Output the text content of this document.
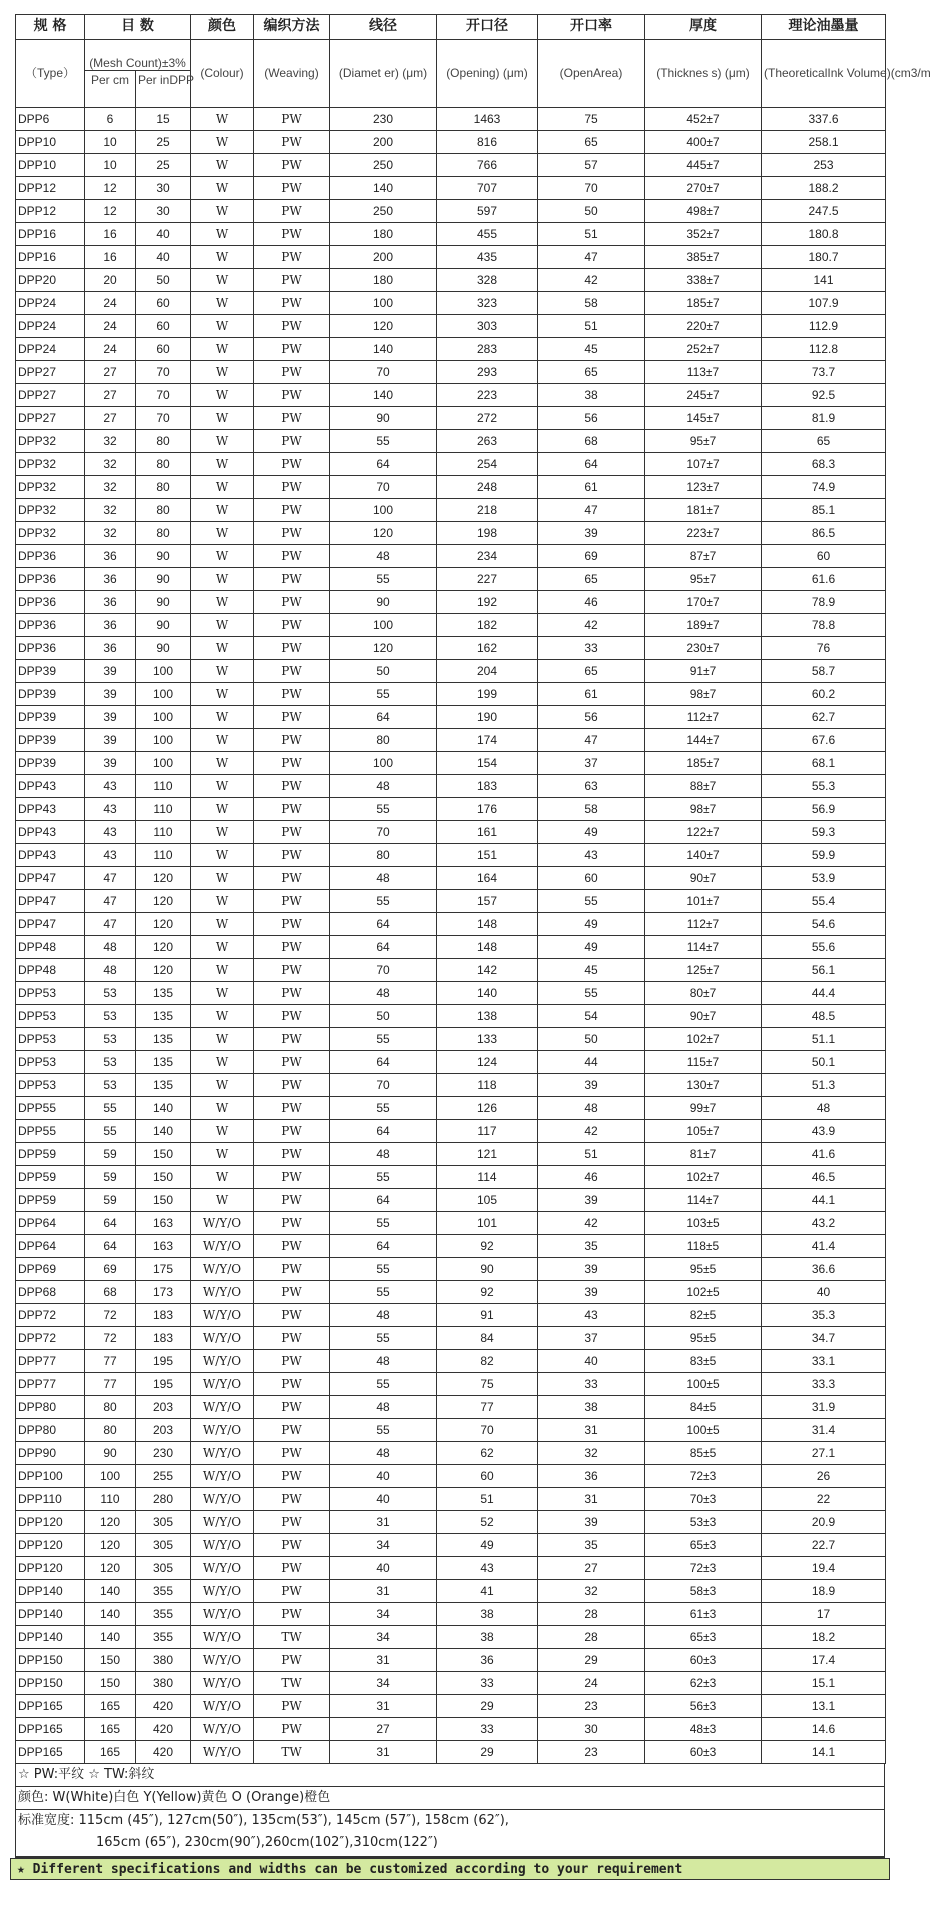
规 格	目 数		颜色	编织方法	线径	开口径	开口率	厚度	理论油墨量
（Type）	(Mesh Count)±3%		(Colour)	(Weaving)	(Diamet er) (μm)	(Opening) (μm)	(OpenArea)	(Thicknes s) (μm)	(TheoreticalInk Volume)(cm3/m
	Per cm	Per inDPP							
DPP6	6	15	W	PW	230	1463	75	452±7	337.6
DPP10	10	25	W	PW	200	816	65	400±7	258.1
DPP10	10	25	W	PW	250	766	57	445±7	253
DPP12	12	30	W	PW	140	707	70	270±7	188.2
DPP12	12	30	W	PW	250	597	50	498±7	247.5
DPP16	16	40	W	PW	180	455	51	352±7	180.8
DPP16	16	40	W	PW	200	435	47	385±7	180.7
DPP20	20	50	W	PW	180	328	42	338±7	141
DPP24	24	60	W	PW	100	323	58	185±7	107.9
DPP24	24	60	W	PW	120	303	51	220±7	112.9
DPP24	24	60	W	PW	140	283	45	252±7	112.8
DPP27	27	70	W	PW	70	293	65	113±7	73.7
DPP27	27	70	W	PW	140	223	38	245±7	92.5
DPP27	27	70	W	PW	90	272	56	145±7	81.9
DPP32	32	80	W	PW	55	263	68	95±7	65
DPP32	32	80	W	PW	64	254	64	107±7	68.3
DPP32	32	80	W	PW	70	248	61	123±7	74.9
DPP32	32	80	W	PW	100	218	47	181±7	85.1
DPP32	32	80	W	PW	120	198	39	223±7	86.5
DPP36	36	90	W	PW	48	234	69	87±7	60
DPP36	36	90	W	PW	55	227	65	95±7	61.6
DPP36	36	90	W	PW	90	192	46	170±7	78.9
DPP36	36	90	W	PW	100	182	42	189±7	78.8
DPP36	36	90	W	PW	120	162	33	230±7	76
DPP39	39	100	W	PW	50	204	65	91±7	58.7
DPP39	39	100	W	PW	55	199	61	98±7	60.2
DPP39	39	100	W	PW	64	190	56	112±7	62.7
DPP39	39	100	W	PW	80	174	47	144±7	67.6
DPP39	39	100	W	PW	100	154	37	185±7	68.1
DPP43	43	110	W	PW	48	183	63	88±7	55.3
DPP43	43	110	W	PW	55	176	58	98±7	56.9
DPP43	43	110	W	PW	70	161	49	122±7	59.3
DPP43	43	110	W	PW	80	151	43	140±7	59.9
DPP47	47	120	W	PW	48	164	60	90±7	53.9
DPP47	47	120	W	PW	55	157	55	101±7	55.4
DPP47	47	120	W	PW	64	148	49	112±7	54.6
DPP48	48	120	W	PW	64	148	49	114±7	55.6
DPP48	48	120	W	PW	70	142	45	125±7	56.1
DPP53	53	135	W	PW	48	140	55	80±7	44.4
DPP53	53	135	W	PW	50	138	54	90±7	48.5
DPP53	53	135	W	PW	55	133	50	102±7	51.1
DPP53	53	135	W	PW	64	124	44	115±7	50.1
DPP53	53	135	W	PW	70	118	39	130±7	51.3
DPP55	55	140	W	PW	55	126	48	99±7	48
DPP55	55	140	W	PW	64	117	42	105±7	43.9
DPP59	59	150	W	PW	48	121	51	81±7	41.6
DPP59	59	150	W	PW	55	114	46	102±7	46.5
DPP59	59	150	W	PW	64	105	39	114±7	44.1
DPP64	64	163	W/Y/O	PW	55	101	42	103±5	43.2
DPP64	64	163	W/Y/O	PW	64	92	35	118±5	41.4
DPP69	69	175	W/Y/O	PW	55	90	39	95±5	36.6
DPP68	68	173	W/Y/O	PW	55	92	39	102±5	40
DPP72	72	183	W/Y/O	PW	48	91	43	82±5	35.3
DPP72	72	183	W/Y/O	PW	55	84	37	95±5	34.7
DPP77	77	195	W/Y/O	PW	48	82	40	83±5	33.1
DPP77	77	195	W/Y/O	PW	55	75	33	100±5	33.3
DPP80	80	203	W/Y/O	PW	48	77	38	84±5	31.9
DPP80	80	203	W/Y/O	PW	55	70	31	100±5	31.4
DPP90	90	230	W/Y/O	PW	48	62	32	85±5	27.1
DPP100	100	255	W/Y/O	PW	40	60	36	72±3	26
DPP110	110	280	W/Y/O	PW	40	51	31	70±3	22
DPP120	120	305	W/Y/O	PW	31	52	39	53±3	20.9
DPP120	120	305	W/Y/O	PW	34	49	35	65±3	22.7
DPP120	120	305	W/Y/O	PW	40	43	27	72±3	19.4
DPP140	140	355	W/Y/O	PW	31	41	32	58±3	18.9
DPP140	140	355	W/Y/O	PW	34	38	28	61±3	17
DPP140	140	355	W/Y/O	TW	34	38	28	65±3	18.2
DPP150	150	380	W/Y/O	PW	31	36	29	60±3	17.4
DPP150	150	380	W/Y/O	TW	34	33	24	62±3	15.1
DPP165	165	420	W/Y/O	PW	31	29	23	56±3	13.1
DPP165	165	420	W/Y/O	PW	27	33	30	48±3	14.6
DPP165	165	420	W/Y/O	TW	31	29	23	60±3	14.1
☆ PW:平纹 ☆ TW:斜纹
颜色: W(White)白色 Y(Yellow)黄色 O (Orange)橙色
标准宽度: 115cm (45″), 127cm(50″), 135cm(53″), 145cm (57″), 158cm (62″),
165cm (65″), 230cm(90″),260cm(102″),310cm(122″)
★ Different specifications and widths can be customized according to your requirement
